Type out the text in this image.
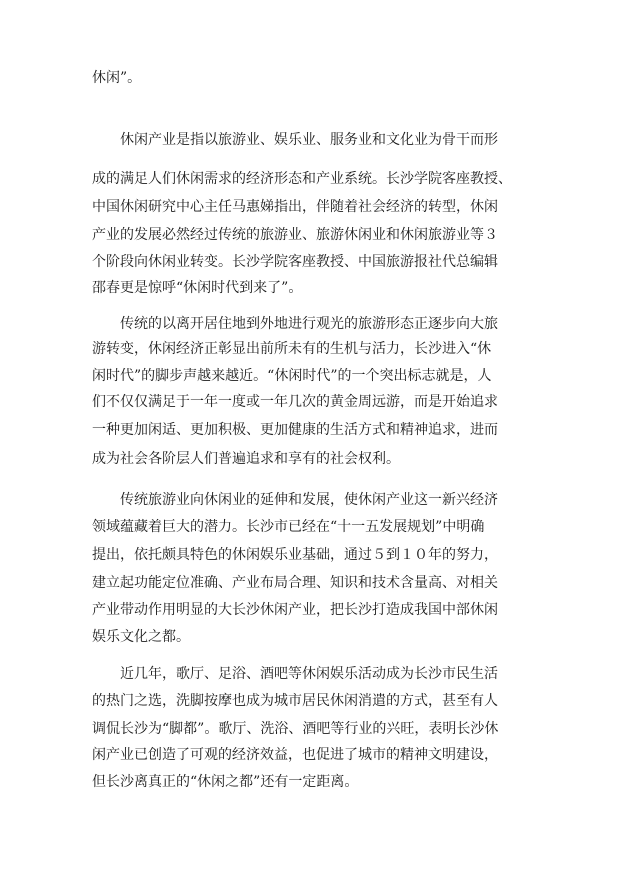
休闲”。
休闲产业是指以旅游业、娱乐业、服务业和文化业为骨干而形
成的满足人们休闲需求的经济形态和产业系统。长沙学院客座教授、
中国休闲研究中心主任马惠娣指出，伴随着社会经济的转型，休闲
产业的发展必然经过传统的旅游业、旅游休闲业和休闲旅游业等３
个阶段向休闲业转变。长沙学院客座教授、中国旅游报社代总编辑
邵春更是惊呼“休闲时代到来了”。
传统的以离开居住地到外地进行观光的旅游形态正逐步向大旅
游转变，休闲经济正彰显出前所未有的生机与活力，长沙进入“休
闲时代”的脚步声越来越近。“休闲时代”的一个突出标志就是，人
们不仅仅满足于一年一度或一年几次的黄金周远游，而是开始追求
一种更加闲适、更加积极、更加健康的生活方式和精神追求，进而
成为社会各阶层人们普遍追求和享有的社会权利。
传统旅游业向休闲业的延伸和发展，使休闲产业这一新兴经济
领域蕴藏着巨大的潜力。长沙市已经在“十一五发展规划”中明确
提出，依托颇具特色的休闲娱乐业基础，通过５到１０年的努力，
建立起功能定位准确、产业布局合理、知识和技术含量高、对相关
产业带动作用明显的大长沙休闲产业，把长沙打造成我国中部休闲
娱乐文化之都。
近几年，歌厅、足浴、酒吧等休闲娱乐活动成为长沙市民生活
的热门之选，洗脚按摩也成为城市居民休闲消遣的方式，甚至有人
调侃长沙为“脚都”。歌厅、洗浴、酒吧等行业的兴旺，表明长沙休
闲产业已创造了可观的经济效益，也促进了城市的精神文明建设，
但长沙离真正的“休闲之都”还有一定距离。
